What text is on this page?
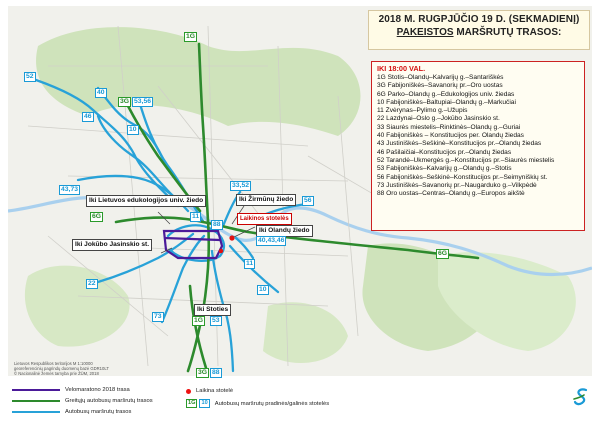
2018 M. RUGPJŪČIO 19 D. (SEKMADIENĮ)
PAKEISTOS MARŠRUTŲ TRASOS:
IKI 18:00 VAL.
1G Stotis–Olandų–Kalvarijų g.–Santariškės
3G Fabijoniškės–Savanorių pr.–Oro uostas
6G Parko–Olandų g.–Edukologijos univ. žiedas
10 Fabijoniškės–Baltupiai–Olandų g.–Markučiai
11 Žvėrynas–Pylimo g.–Užupis
22 Lazdynai–Oslo g.–Jokūbo Jasinskio st.
33 Šiaurės miestelis–Rinktinės–Olandų g.–Guriai
40 Fabijoniškės – Konstitucijos per. Olandų žiedas
43 Justiniškės–Šeškinė–Konstitucijos pr.–Olandų žiedas
46 Pašilaičiai–Konstitucijos pr.–Olandų žiedas
52 Tarandė–Ukmergės g.–Konstitucijos pr.–Šiaurės miestelis
53 Fabijoniškės–Kalvarijų g.–Olandų g.–Stotis
56 Fabijoniškės–Šeškinė–Konstitucijos pr.–Šeimyniškių st.
73 Justiniškės–Savanorių pr.–Naugarduko g.–Vilkpėdė
88 Oro uostas–Centras–Olandų g.–Europos aikštė
Iki Lietuvos edukologijos univ. žiedo	Iki Žirmūnų žiedo
Laikinos stotelės
Iki Olandų žiedo
Iki Jokūbo Jasinskio st.
Iki Stoties
1G
52
40
3G 53,56
46
10
43,73
33,52
6G	11
88
56
40,43,46
11
22
10
1G 53
73
3G 88
6G
Lietuvos Respublikos teritorijos M 1:10000
georeferencinių pagrindų duomenų bazė GDR10LT
© Nacionalinė žemės tarnyba prie ŽŪM, 2018
Velomaratono 2018 trasa
Greitųjų autobusų maršrutų trasos
Autobusų maršrutų trasos
Laikina stotelė
1G	10	Autobusų maršrutų pradinės/galinės stotelės
